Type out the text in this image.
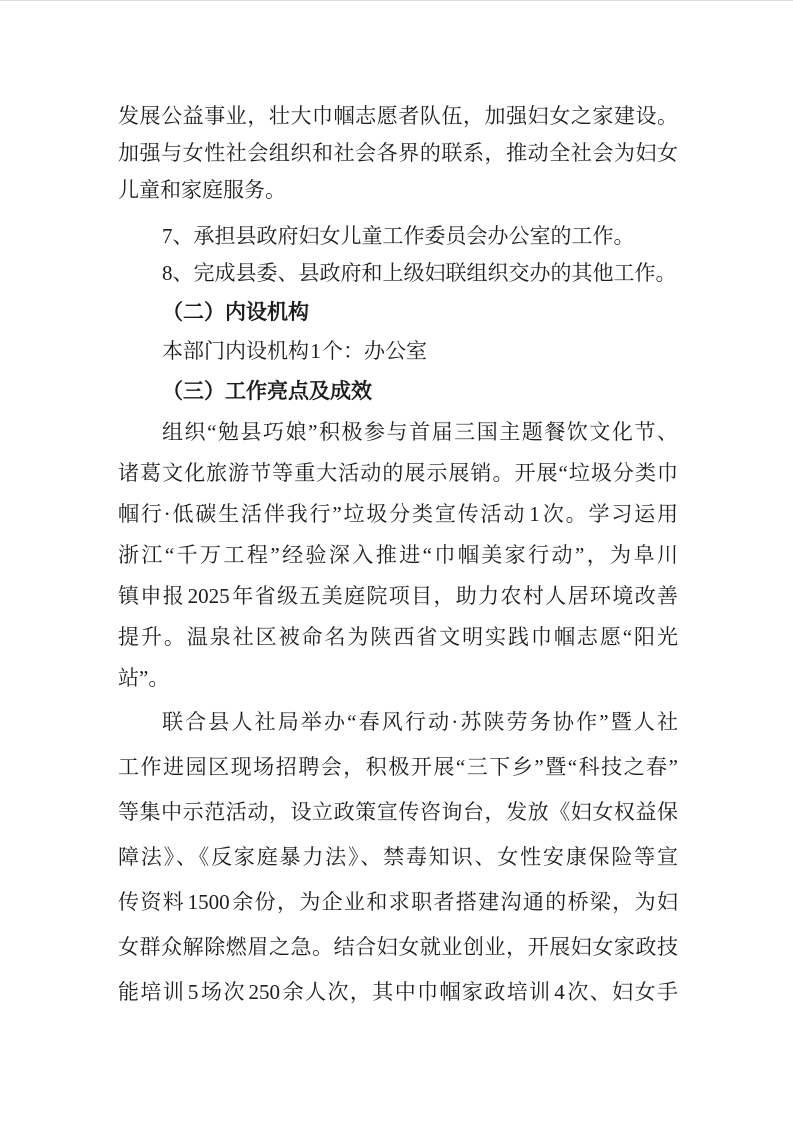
发展公益事业，壮大巾帼志愿者队伍，加强妇女之家建设。
加强与女性社会组织和社会各界的联系，推动全社会为妇女
儿童和家庭服务。
7、承担县政府妇女儿童工作委员会办公室的工作。
8、完成县委、县政府和上级妇联组织交办的其他工作。
（二）内设机构
本部门内设机构 1 个：办公室
（三）工作亮点及成效
组织“勉县巧娘”积极参与首届三国主题餐饮文化节、
诸葛文化旅游节等重大活动的展示展销。开展“垃圾分类巾
帼行·低碳生活伴我行”垃圾分类宣传活动 1 次。学习运用
浙江“千万工程”经验深入推进“巾帼美家行动”，为阜川
镇申报 2025 年省级五美庭院项目，助力农村人居环境改善
提升。温泉社区被命名为陕西省文明实践巾帼志愿“阳光
站”。
联合县人社局举办“春风行动·苏陕劳务协作”暨人社
工作进园区现场招聘会，积极开展“三下乡”暨“科技之春”
等集中示范活动，设立政策宣传咨询台，发放《妇女权益保
障法》、《反家庭暴力法》、禁毒知识、女性安康保险等宣
传资料 1500 余份，为企业和求职者搭建沟通的桥梁，为妇
女群众解除燃眉之急。结合妇女就业创业，开展妇女家政技
能培训 5 场次 250 余人次，其中巾帼家政培训 4 次、妇女手
